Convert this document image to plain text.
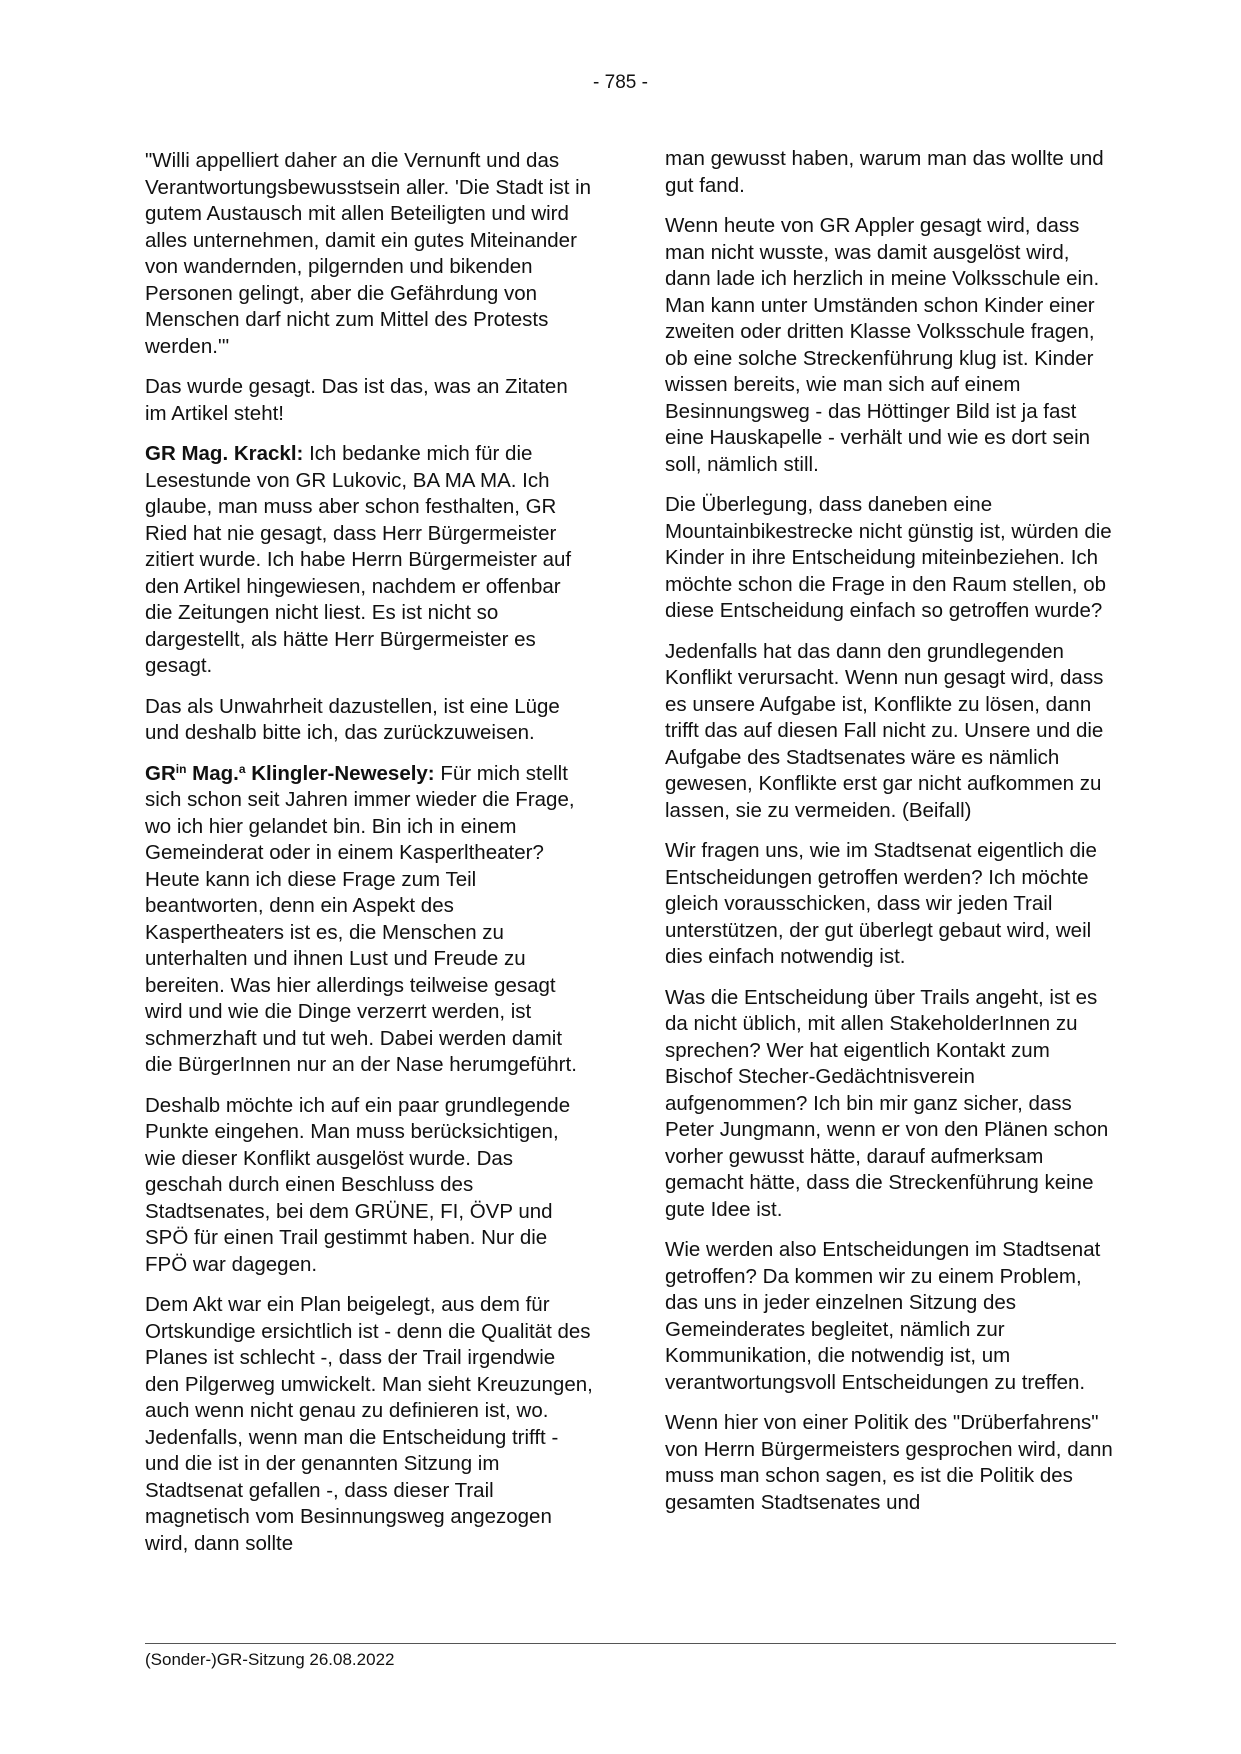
- 785 -

"Willi appelliert daher an die Vernunft und das Verantwortungsbewusstsein aller. 'Die Stadt ist in gutem Austausch mit allen Beteiligten und wird alles unternehmen, damit ein gutes Miteinander von wandernden, pilgernden und bikenden Personen gelingt, aber die Gefährdung von Menschen darf nicht zum Mittel des Protests werden.'"

Das wurde gesagt. Das ist das, was an Zitaten im Artikel steht!

GR Mag. Krackl: Ich bedanke mich für die Lesestunde von GR Lukovic, BA MA MA. Ich glaube, man muss aber schon festhalten, GR Ried hat nie gesagt, dass Herr Bürgermeister zitiert wurde. Ich habe Herrn Bürgermeister auf den Artikel hingewiesen, nachdem er offenbar die Zeitungen nicht liest. Es ist nicht so dargestellt, als hätte Herr Bürgermeister es gesagt.

Das als Unwahrheit dazustellen, ist eine Lüge und deshalb bitte ich, das zurückzuweisen.

$GR^{in}$ Mag.$^a$ Klingler-Newesely: Für mich stellt sich schon seit Jahren immer wieder die Frage, wo ich hier gelandet bin. Bin ich in einem Gemeinderat oder in einem Kasperltheater? Heute kann ich diese Frage zum Teil beantworten, denn ein Aspekt des Kaspertheaters ist es, die Menschen zu unterhalten und ihnen Lust und Freude zu bereiten. Was hier allerdings teilweise gesagt wird und wie die Dinge verzerrt werden, ist schmerzhaft und tut weh. Dabei werden damit die BürgerInnen nur an der Nase herumgeführt.

Deshalb möchte ich auf ein paar grundlegende Punkte eingehen. Man muss berücksichtigen, wie dieser Konflikt ausgelöst wurde. Das geschah durch einen Beschluss des Stadtsenates, bei dem GRÜNE, FI, ÖVP und SPÖ für einen Trail gestimmt haben. Nur die FPÖ war dagegen.

Dem Akt war ein Plan beigelegt, aus dem für Ortskundige ersichtlich ist - denn die Qualität des Planes ist schlecht -, dass der Trail irgendwie den Pilgerweg umwickelt. Man sieht Kreuzungen, auch wenn nicht genau zu definieren ist, wo. Jedenfalls, wenn man die Entscheidung trifft - und die ist in der genannten Sitzung im Stadtsenat gefallen -, dass dieser Trail magnetisch vom Besinnungsweg angezogen wird, dann sollte

man gewusst haben, warum man das wollte und gut fand.

Wenn heute von GR Appler gesagt wird, dass man nicht wusste, was damit ausgelöst wird, dann lade ich herzlich in meine Volksschule ein. Man kann unter Umständen schon Kinder einer zweiten oder dritten Klasse Volksschule fragen, ob eine solche Streckenführung klug ist. Kinder wissen bereits, wie man sich auf einem Besinnungsweg - das Höttinger Bild ist ja fast eine Hauskapelle - verhält und wie es dort sein soll, nämlich still.

Die Überlegung, dass daneben eine Mountainbikestrecke nicht günstig ist, würden die Kinder in ihre Entscheidung miteinbeziehen. Ich möchte schon die Frage in den Raum stellen, ob diese Entscheidung einfach so getroffen wurde?

Jedenfalls hat das dann den grundlegenden Konflikt verursacht. Wenn nun gesagt wird, dass es unsere Aufgabe ist, Konflikte zu lösen, dann trifft das auf diesen Fall nicht zu. Unsere und die Aufgabe des Stadtsenates wäre es nämlich gewesen, Konflikte erst gar nicht aufkommen zu lassen, sie zu vermeiden. (Beifall)

Wir fragen uns, wie im Stadtsenat eigentlich die Entscheidungen getroffen werden? Ich möchte gleich vorausschicken, dass wir jeden Trail unterstützen, der gut überlegt gebaut wird, weil dies einfach notwendig ist.

Was die Entscheidung über Trails angeht, ist es da nicht üblich, mit allen StakeholderInnen zu sprechen? Wer hat eigentlich Kontakt zum Bischof Stecher-Gedächtnisverein aufgenommen? Ich bin mir ganz sicher, dass Peter Jungmann, wenn er von den Plänen schon vorher gewusst hätte, darauf aufmerksam gemacht hätte, dass die Streckenführung keine gute Idee ist.

Wie werden also Entscheidungen im Stadtsenat getroffen? Da kommen wir zu einem Problem, das uns in jeder einzelnen Sitzung des Gemeinderates begleitet, nämlich zur Kommunikation, die notwendig ist, um verantwortungsvoll Entscheidungen zu treffen.

Wenn hier von einer Politik des "Drüberfahrens" von Herrn Bürgermeisters gesprochen wird, dann muss man schon sagen, es ist die Politik des gesamten Stadtsenates und

(Sonder-)GR-Sitzung 26.08.2022
